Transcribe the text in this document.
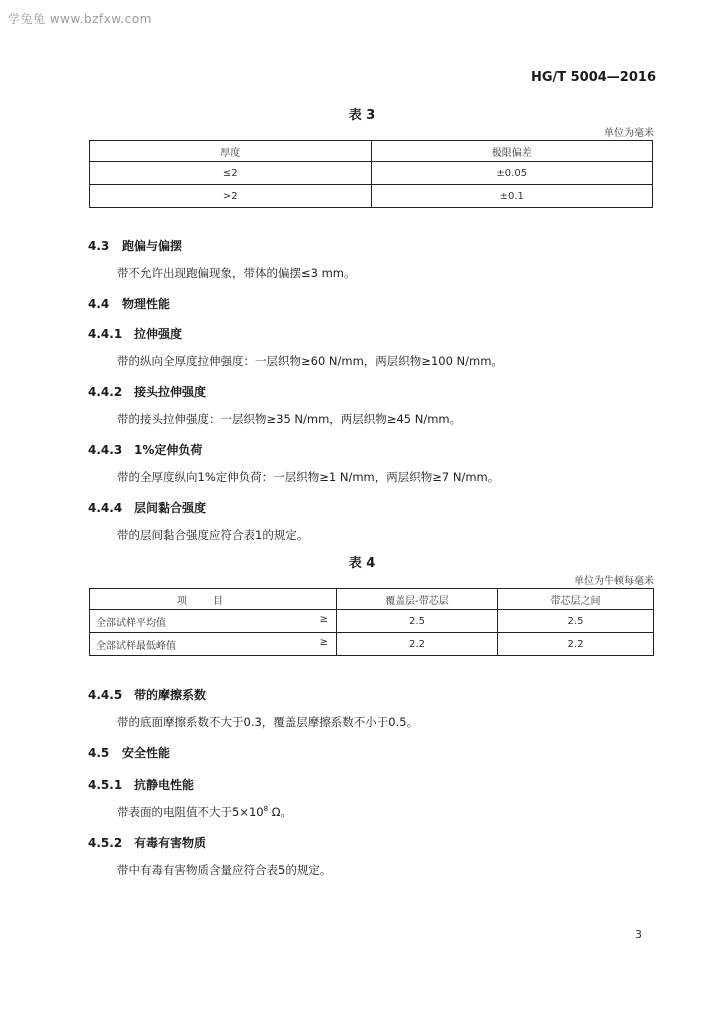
学兔兔 www.bzfxw.com
HG/T 5004—2016
表 3
单位为毫米
厚度	极限偏差
≤2	±0.05
>2	±0.1
4.3 跑偏与偏摆
带不允许出现跑偏现象，带体的偏摆≤3 mm。
4.4 物理性能
4.4.1 拉伸强度
带的纵向全厚度拉伸强度：一层织物≥60 N/mm，两层织物≥100 N/mm。
4.4.2 接头拉伸强度
带的接头拉伸强度：一层织物≥35 N/mm，两层织物≥45 N/mm。
4.4.3 1%定伸负荷
带的全厚度纵向1%定伸负荷：一层织物≥1 N/mm，两层织物≥7 N/mm。
4.4.4 层间黏合强度
带的层间黏合强度应符合表1的规定。
表 4
单位为牛顿每毫米
项目	覆盖层-带芯层	带芯层之间
全部试样平均值 ≥	2.5	2.5
全部试样最低峰值 ≥	2.2	2.2
4.4.5 带的摩擦系数
带的底面摩擦系数不大于0.3，覆盖层摩擦系数不小于0.5。
4.5 安全性能
4.5.1 抗静电性能
带表面的电阻值不大于$5\times 10^8$ Ω。
4.5.2 有毒有害物质
带中有毒有害物质含量应符合表5的规定。
3
